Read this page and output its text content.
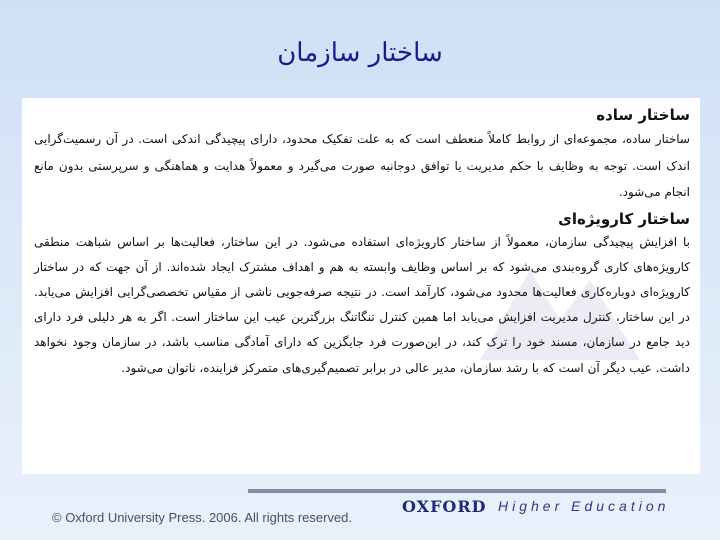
ساختار سازمان

ساختار ساده

ساختار ساده، مجموعه‌ای از روابط کاملاً منعطف است که به علت تفکیک محدود، دارای پیچیدگی اندکی است. در آن رسمیت‌گرایی اندک است. توجه به وظایف با حکم مدیریت یا توافق دوجانبه صورت می‌گیرد و معمولاً هدایت و هماهنگی و سرپرستی بدون مانع انجام می‌شود.

ساختار کارویژه‌ای

با افزایش پیچیدگی سازمان، معمولاً از ساختار کارویژه‌ای استفاده می‌شود. در این ساختار، فعالیت‌ها بر اساس شباهت منطقی کارویژه‌های کاری گروه‌بندی می‌شود که بر اساس وظایف وابسته به هم و اهداف مشترک ایجاد شده‌اند. از آن جهت که در ساختار کارویژه‌ای دوباره‌کاری فعالیت‌ها محدود می‌شود، کارآمد است. در نتیجه صرفه‌جویی ناشی از مقیاس تخصصی‌گرایی افزایش می‌یابد. در این ساختار، کنترل مدیریت افزایش می‌یابد اما همین کنترل تنگاتنگ بزرگترین عیب این ساختار است. اگر به هر دلیلی فرد دارای دید جامع در سازمان، مسند خود را ترک کند، در این‌صورت فرد جایگزین که دارای آمادگی مناسب باشد، در سازمان وجود نخواهد داشت. عیب دیگر آن است که با رشد سازمان، مدیر عالی در برابر تصمیم‌گیری‌های متمرکز فزاینده، ناتوان می‌شود.

© Oxford University Press. 2006. All rights reserved.
OXFORD Higher Education
